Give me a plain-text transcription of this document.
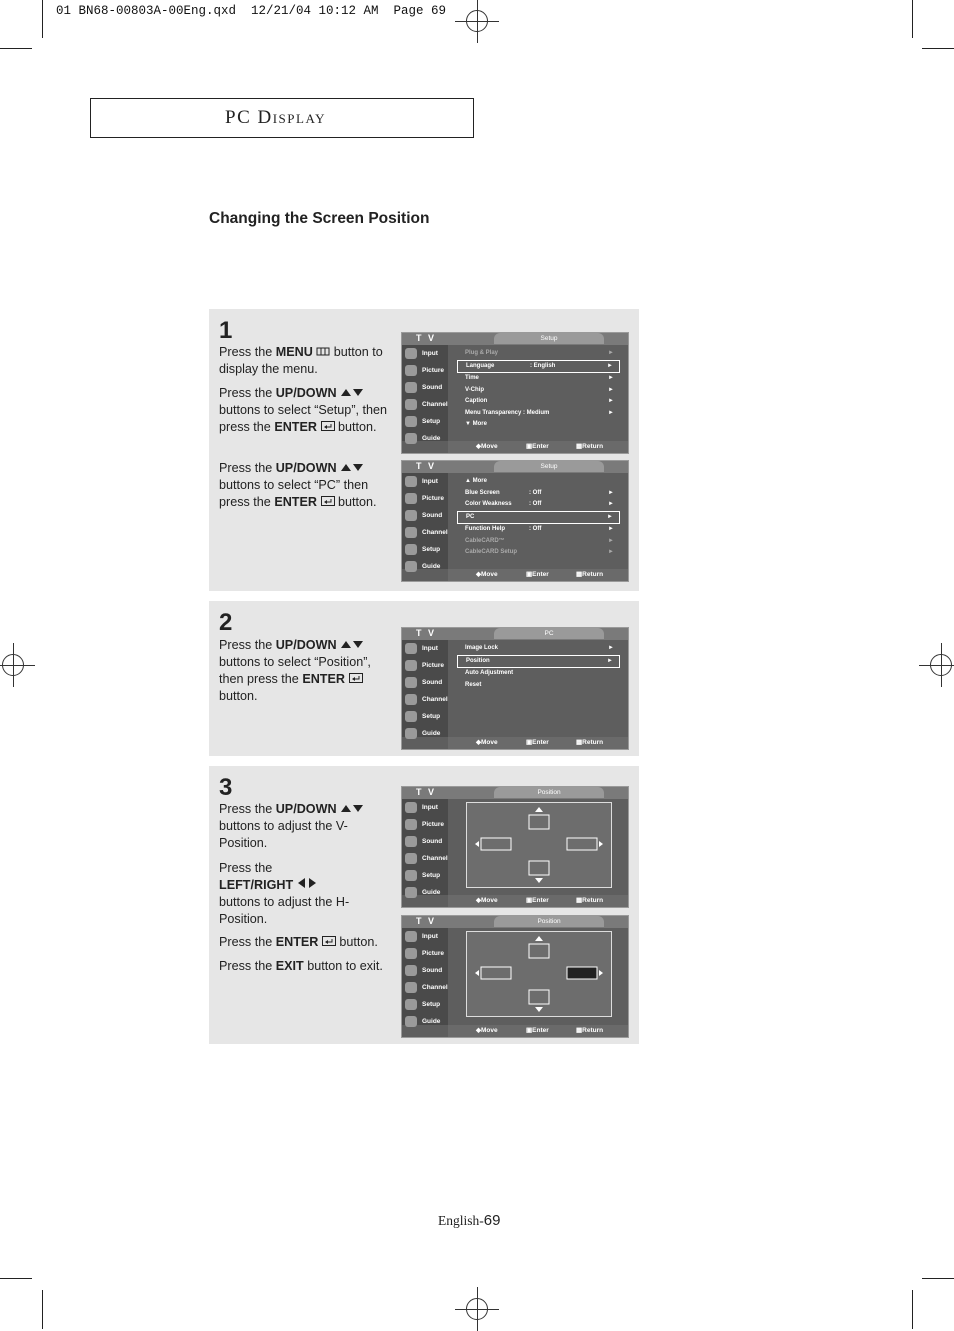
01 BN68-00803A-00Eng.qxd  12/21/04 10:12 AM  Page 69
PC Display
Changing the Screen Position
1
Press the MENU  button to display the menu.
Press the UP/DOWN  buttons to select “Setup”, then press the ENTER  button.
Press the UP/DOWN  buttons to select “PC” then press the ENTER  button.
2
Press the UP/DOWN  buttons to select “Position”, then press the ENTER  button.
3
Press the UP/DOWN  buttons to adjust the V-Position.
Press the
LEFT/RIGHT
buttons to adjust the H-Position.
Press the ENTER  button.
Press the EXIT button to exit.
T V	Setup
Input
Picture
Sound
Channel
Setup
Guide
Plug & Play	►
Language	: English	►
Time	►
V-Chip	►
Caption	►
Menu Transparency : Medium	►
▼ More
◆ Move	▣ Enter	▦ Return
T V	Setup
Input
Picture
Sound
Channel
Setup
Guide
▲ More
Blue Screen	: Off	►
Color Weakness	: Off	►
PC	►
Function Help	: Off	►
CableCARD™	►
CableCARD Setup	►
◆ Move	▣ Enter	▦ Return
T V	PC
Input
Picture
Sound
Channel
Setup
Guide
Image Lock	►
Position	►
Auto Adjustment
Reset
◆ Move	▣ Enter	▦ Return
T V	Position
Input
Picture
Sound
Channel
Setup
Guide
◆ Move	▣ Enter	▦ Return
T V	Position
Input
Picture
Sound
Channel
Setup
Guide
◆ Move	▣ Enter	▦ Return
English-69
